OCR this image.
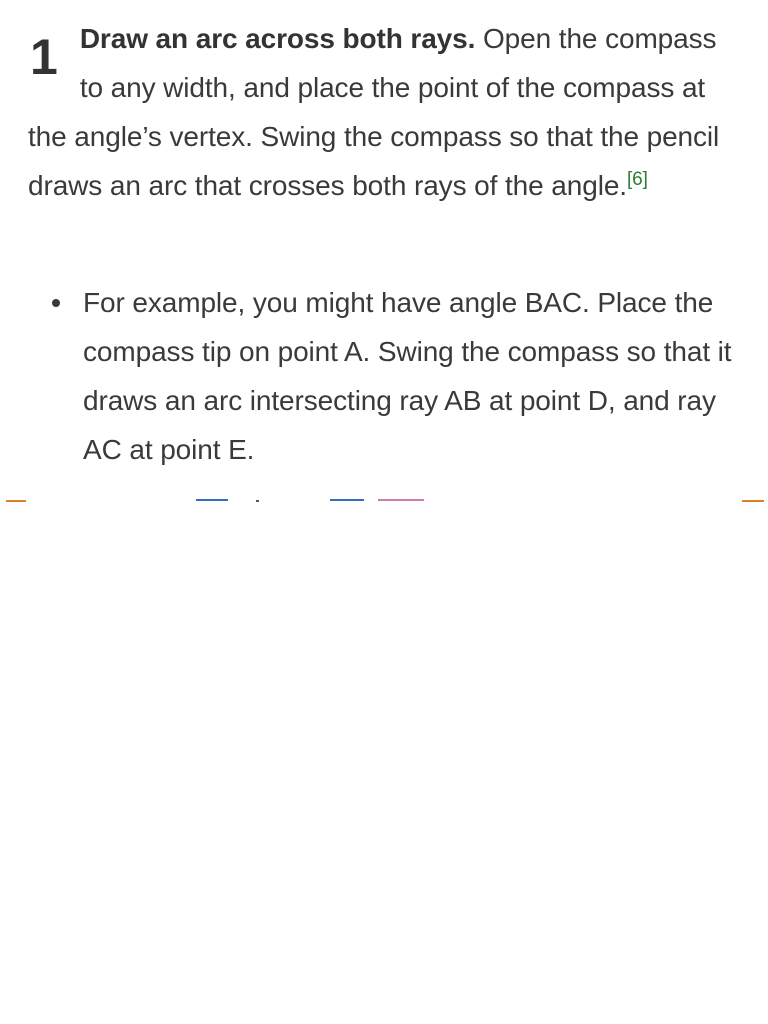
1 Draw an arc across both rays. Open the compass to any width, and place the point of the compass at the angle’s vertex. Swing the compass so that the pencil draws an arc that crosses both rays of the angle.[6]

For example, you might have angle BAC. Place the compass tip on point A. Swing the compass so that it draws an arc intersecting ray AB at point D, and ray AC at point E.
